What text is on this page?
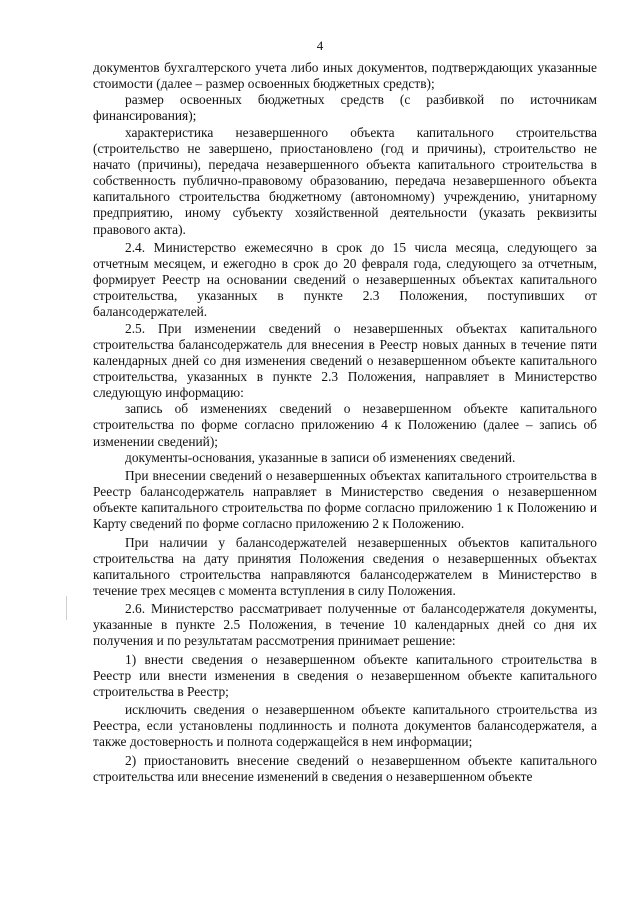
4

документов бухгалтерского учета либо иных документов, подтверждающих указанные стоимости (далее – размер освоенных бюджетных средств);

размер освоенных бюджетных средств (с разбивкой по источникам финансирования);

характеристика незавершенного объекта капитального строительства (строительство не завершено, приостановлено (год и причины), строительство не начато (причины), передача незавершенного объекта капитального строительства в собственность публично-правовому образованию, передача незавершенного объекта капитального строительства бюджетному (автономному) учреждению, унитарному предприятию, иному субъекту хозяйственной деятельности (указать реквизиты правового акта).

2.4. Министерство ежемесячно в срок до 15 числа месяца, следующего за отчетным месяцем, и ежегодно в срок до 20 февраля года, следующего за отчетным, формирует Реестр на основании сведений о незавершенных объектах капитального строительства, указанных в пункте 2.3 Положения, поступивших от балансодержателей.

2.5. При изменении сведений о незавершенных объектах капитального строительства балансодержатель для внесения в Реестр новых данных в течение пяти календарных дней со дня изменения сведений о незавершенном объекте капитального строительства, указанных в пункте 2.3 Положения, направляет в Министерство следующую информацию:

запись об изменениях сведений о незавершенном объекте капитального строительства по форме согласно приложению 4 к Положению (далее – запись об изменении сведений);

документы-основания, указанные в записи об изменениях сведений.

При внесении сведений о незавершенных объектах капитального строительства в Реестр балансодержатель направляет в Министерство сведения о незавершенном объекте капитального строительства по форме согласно приложению 1 к Положению и Карту сведений по форме согласно приложению 2 к Положению.

При наличии у балансодержателей незавершенных объектов капитального строительства на дату принятия Положения сведения о незавершенных объектах капитального строительства направляются балансодержателем в Министерство в течение трех месяцев с момента вступления в силу Положения.

2.6. Министерство рассматривает полученные от балансодержателя документы, указанные в пункте 2.5 Положения, в течение 10 календарных дней со дня их получения и по результатам рассмотрения принимает решение:

1) внести сведения о незавершенном объекте капитального строительства в Реестр или внести изменения в сведения о незавершенном объекте капитального строительства в Реестр;

исключить сведения о незавершенном объекте капитального строительства из Реестра, если установлены подлинность и полнота документов балансодержателя, а также достоверность и полнота содержащейся в нем информации;

2) приостановить внесение сведений о незавершенном объекте капитального строительства или внесение изменений в сведения о незавершенном объекте
